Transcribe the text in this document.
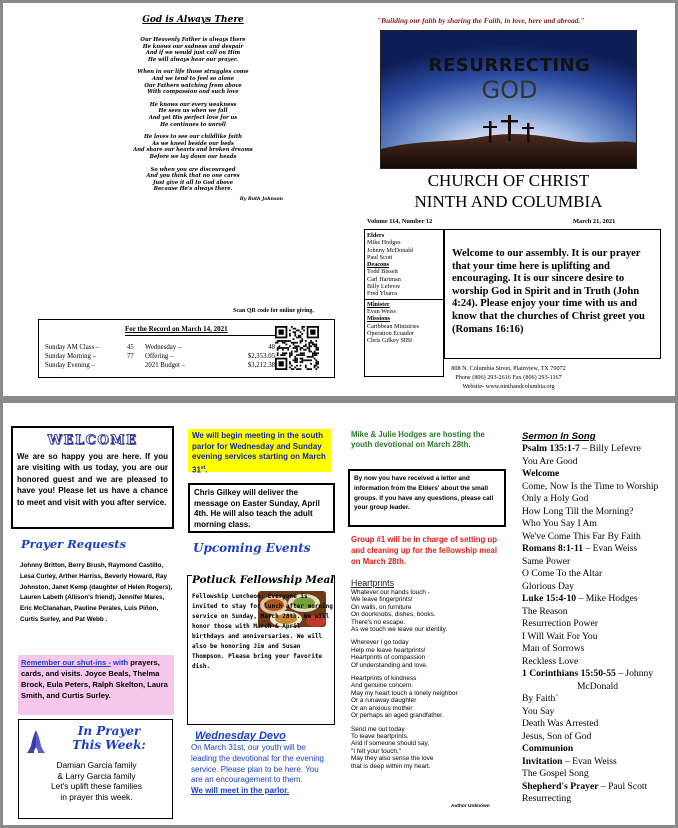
God is Always There
Our Heavenly Father is always there
He knows our sadness and despair
And if we would just call on Him
He will always hear our prayer.
When in our life those struggles come
And we tend to feel so alone
Our Fathers watching from above
With compassion and such love
He knows our every weakness
He sees us when we fall
And yet His perfect love for us
He continues to unroll
He loves to see our childlike faith
As we kneel beside our beds
And share our hearts and broken dreams
Before we lay down our heads
So when you are discouraged
And you think that no one cares
Just give it all to God above
Because He's always there.
By Ruth Johnson
Scan QR code for online giving.
For the Record on March 14, 2021
Sunday AM Class –	45 Wednesday –	48
Sunday Morning –	77 Offering –	$2,353.05
Sunday Evening –	2021 Budget –	$3,212.38
"Building our faith by sharing the Faith, in love, here and abroad."
RESURRECTING
GOD
CHURCH OF CHRIST
NINTH AND COLUMBIA
Volume 114, Number 12	March 21, 2021
Elders
Mike Hodges
Johnny McDonald
Paul Scott
Deacons
Todd Bissett
Carl Hartman
Billy Lefevre
Fred Ybarra
Minister
Evan Weiss
Missions
Caribbean Ministries
Operation Ecuador
Chris Gilkey SIBI
Welcome to our assembly. It is our prayer that your time here is uplifting and encouraging. It is our sincere desire to worship God in Spirit and in Truth (John 4:24). Please enjoy your time with us and know that the churches of Christ greet you (Romans 16:16)
808 N. Columbia Street, Plainview, TX 79072
Phone (806) 293-2616 Fax (806) 293-1167
Website- www.ninthandcolumbia.org
WELCOME
We are so happy you are here. If you are visiting with us today, you are our honored guest and we are pleased to have you! Please let us have a chance to meet and visit with you after service.
Prayer Requests
Johnny Britton, Berry Brush, Raymond Castillo, Lesa Curley, Arther Harriss, Beverly Howard, Ray Johnston, Janet Kemp (daughter of Helen Rogers), Lauren Labeth (Allison's friend), Jennifer Mares, Eric McClanahan, Pauline Perales, Luis Piñon, Curtis Surley, and Pat Webb .
Remember our shut-ins - with prayers, cards, and visits. Joyce Beals, Thelma Brock, Eula Peters, Ralph Skelton, Laura Smith, and Curtis Surley.
In Prayer
This Week:
Damian Garcia family
& Larry Garcia family
Let's uplift these families
in prayer this week.
We will begin meeting in the south parlor for Wednesday and Sunday evening services starting on March 31st.
Chris Gilkey will deliver the message on Easter Sunday, April 4th. He will also teach the adult morning class.
Upcoming Events
Potluck Fellowship Meal
Fellowship Luncheon: Everyone is invited to stay for lunch after morning service on Sunday, March 28th. We will honor those with March & April birthdays and anniversaries. We will also be honoring Jim and Susan Thompson. Please bring your favorite dish.
Wednesday Devo
On March 31st, our youth will be leading the devotional for the evening service. Please plan to be here. You are an encouragement to them.
We will meet in the parlor.
Mike & Julie Hodges are hosting the youth devotional on March 28th.
By now you have received a letter and information from the Elders' about the small groups. If you have any questions, please call your group leader.
Group #1 will be in charge of setting up and cleaning up for the fellowship meal on March 28th.
Heartprints
Whatever our hands touch -
We leave fingerprints!
On walls, on furniture
On doorknobs, dishes, books.
There's no escape.
As we touch we leave our identity.
Wherever I go today
Help me leave heartprints!
Heartprints of compassion
Of understanding and love.
Heartprints of kindness
And genuine concern.
May my heart touch a lonely neighbor
Or a runaway daughter
Or an anxious mother
Or perhaps an aged grandfather.
Send me out today
To leave heartprints.
And if someone should say,
"I felt your touch,"
May they also sense the love
that is deep within my heart.
Author Unknown
Sermon In Song
Psalm 135:1-7 – Billy Lefevre
You Are Good
Welcome
Come, Now Is the Time to Worship
Only a Holy God
How Long Till the Morning?
Who You Say I Am
We've Come This Far By Faith
Romans 8:1-11 – Evan Weiss
Same Power
O Come To the Altar
Glorious Day
Luke 15:4-10 – Mike Hodges
The Reason
Resurrection Power
I Will Wait For You
Man of Sorrows
Reckless Love
1 Corinthians 15:50-55 – Johnny
McDonald
By Faith`
You Say
Death Was Arrested
Jesus, Son of God
Communion
Invitation – Evan Weiss
The Gospel Song
Shepherd's Prayer – Paul Scott
Resurrecting
